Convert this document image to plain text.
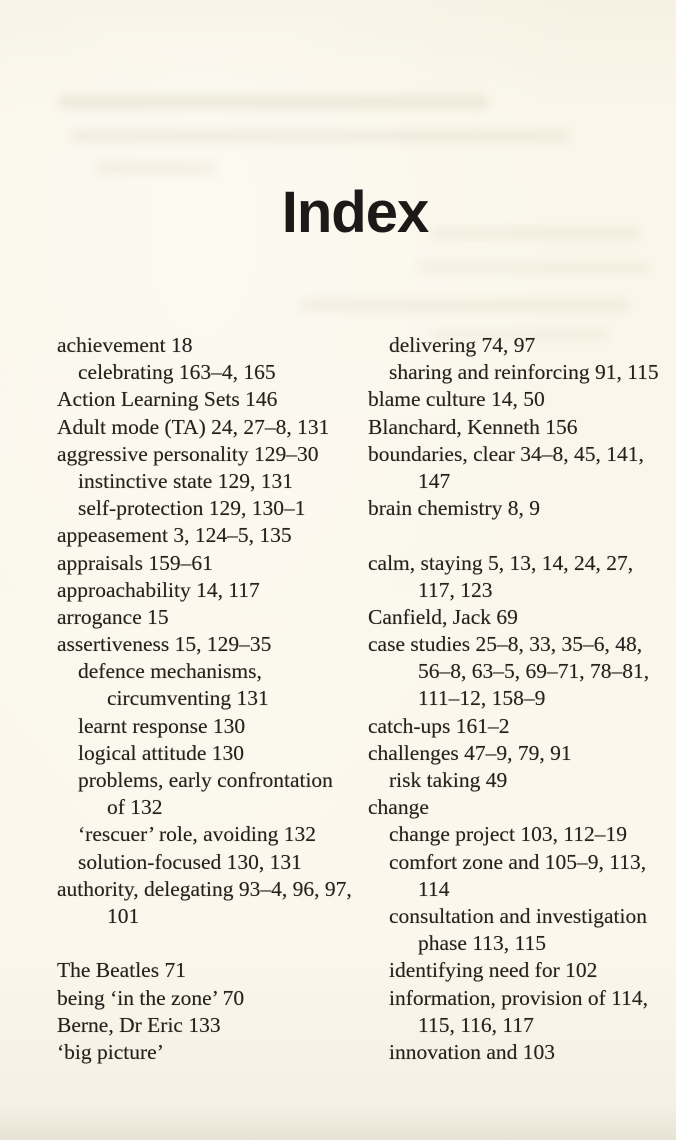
Index
achievement 18
celebrating 163–4, 165
Action Learning Sets 146
Adult mode (TA) 24, 27–8, 131
aggressive personality 129–30
instinctive state 129, 131
self-protection 129, 130–1
appeasement 3, 124–5, 135
appraisals 159–61
approachability 14, 117
arrogance 15
assertiveness 15, 129–35
defence mechanisms,
circumventing 131
learnt response 130
logical attitude 130
problems, early confrontation
of 132
‘rescuer’ role, avoiding 132
solution-focused 130, 131
authority, delegating 93–4, 96, 97,
101
The Beatles 71
being ‘in the zone’ 70
Berne, Dr Eric 133
‘big picture’
delivering 74, 97
sharing and reinforcing 91, 115
blame culture 14, 50
Blanchard, Kenneth 156
boundaries, clear 34–8, 45, 141,
147
brain chemistry 8, 9
calm, staying 5, 13, 14, 24, 27,
117, 123
Canfield, Jack 69
case studies 25–8, 33, 35–6, 48,
56–8, 63–5, 69–71, 78–81,
111–12, 158–9
catch-ups 161–2
challenges 47–9, 79, 91
risk taking 49
change
change project 103, 112–19
comfort zone and 105–9, 113,
114
consultation and investigation
phase 113, 115
identifying need for 102
information, provision of 114,
115, 116, 117
innovation and 103
